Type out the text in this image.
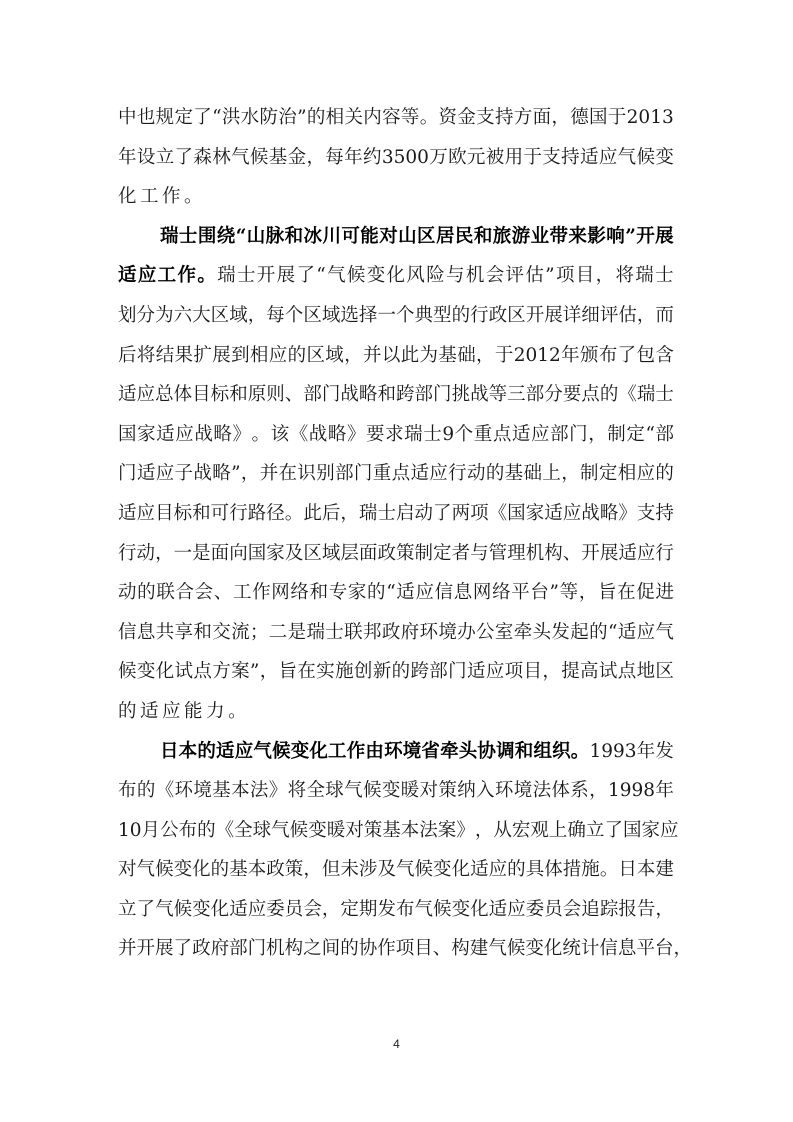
中 也 规 定 了 “ 洪 水 防 治 ” 的 相 关 内 容 等 。 资 金 支 持 方 面 ， 德 国 于 2013
年 设 立 了 森 林 气 候 基 金 ， 每 年 约 3500 万 欧 元 被 用 于 支 持 适 应 气 候 变
化 工 作 。
瑞 士 围 绕 “ 山 脉 和 冰 川 可 能 对 山 区 居 民 和 旅 游 业 带 来 影 响 ” 开 展
适 应 工 作 。 瑞 士 开 展 了 “ 气 候 变 化 风 险 与 机 会 评 估 ” 项 目 ， 将 瑞 士
划 分 为 六 大 区 域 ， 每 个 区 域 选 择 一 个 典 型 的 行 政 区 开 展 详 细 评 估 ， 而
后 将 结 果 扩 展 到 相 应 的 区 域 ， 并 以 此 为 基 础 ， 于 2012 年 颁 布 了 包 含
适 应 总 体 目 标 和 原 则 、 部 门 战 略 和 跨 部 门 挑 战 等 三 部 分 要 点 的 《 瑞 士
国 家 适 应 战 略 》 。 该 《 战 略 》 要 求 瑞 士 9 个 重 点 适 应 部 门 ， 制 定 “ 部
门 适 应 子 战 略 ” ， 并 在 识 别 部 门 重 点 适 应 行 动 的 基 础 上 ， 制 定 相 应 的
适 应 目 标 和 可 行 路 径 。 此 后 ， 瑞 士 启 动 了 两 项 《 国 家 适 应 战 略 》 支 持
行 动 ， 一 是 面 向 国 家 及 区 域 层 面 政 策 制 定 者 与 管 理 机 构 、 开 展 适 应 行
动 的 联 合 会 、 工 作 网 络 和 专 家 的 “ 适 应 信 息 网 络 平 台 ” 等 ， 旨 在 促 进
信 息 共 享 和 交 流 ； 二 是 瑞 士 联 邦 政 府 环 境 办 公 室 牵 头 发 起 的 “ 适 应 气
候 变 化 试 点 方 案 ” ， 旨 在 实 施 创 新 的 跨 部 门 适 应 项 目 ， 提 高 试 点 地 区
的 适 应 能 力 。
日 本 的 适 应 气 候 变 化 工 作 由 环 境 省 牵 头 协 调 和 组 织 。 1993 年 发
布 的 《 环 境 基 本 法 》 将 全 球 气 候 变 暖 对 策 纳 入 环 境 法 体 系 ， 1998 年
10 月 公 布 的 《 全 球 气 候 变 暖 对 策 基 本 法 案 》 ， 从 宏 观 上 确 立 了 国 家 应
对 气 候 变 化 的 基 本 政 策 ， 但 未 涉 及 气 候 变 化 适 应 的 具 体 措 施 。 日 本 建
立 了 气 候 变 化 适 应 委 员 会 ， 定 期 发 布 气 候 变 化 适 应 委 员 会 追 踪 报 告 ，
并 开 展 了 政 府 部 门 机 构 之 间 的 协 作 项 目 、 构 建 气 候 变 化 统 计 信 息 平 台 ，
4
